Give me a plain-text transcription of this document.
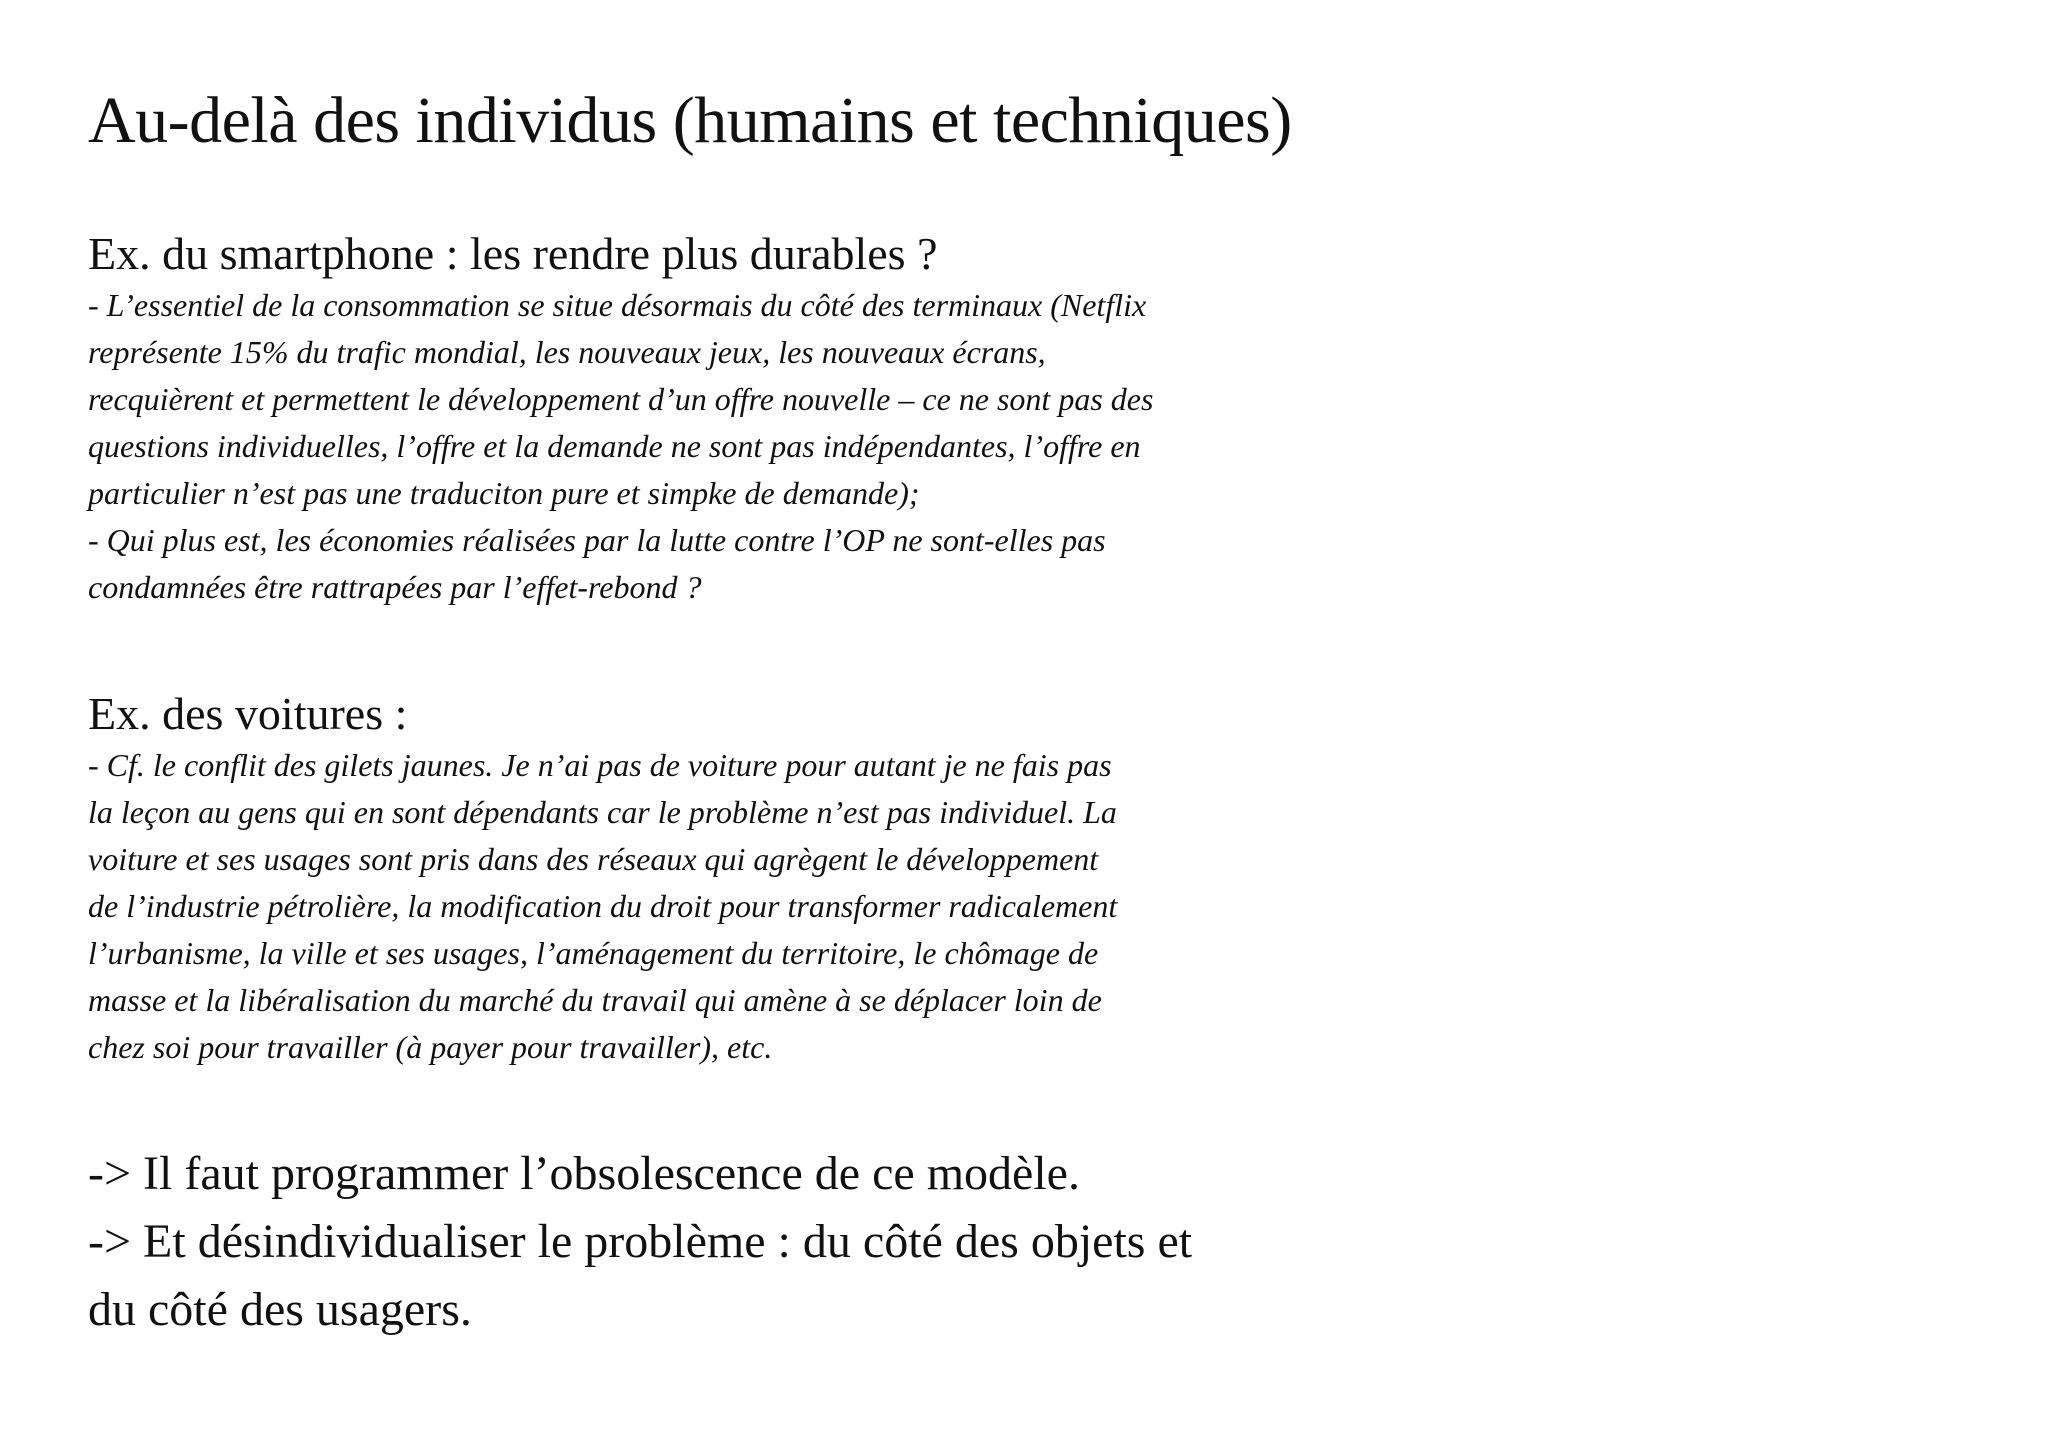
Au-delà des individus (humains et techniques)
Ex. du smartphone : les rendre plus durables ?

- L’essentiel de la consommation se situe désormais du côté des terminaux (Netflix
représente 15% du trafic mondial, les nouveaux jeux, les nouveaux écrans,
recquièrent et permettent le développement d’un offre nouvelle – ce ne sont pas des
questions individuelles, l’offre et la demande ne sont pas indépendantes, l’offre en
particulier n’est pas une traduciton pure et simpke de demande);
- Qui plus est, les économies réalisées par la lutte contre l’OP ne sont-elles pas
condamnées être rattrapées par l’effet-rebond ?

Ex. des voitures :

- Cf. le conflit des gilets jaunes. Je n’ai pas de voiture pour autant je ne fais pas
la leçon au gens qui en sont dépendants car le problème n’est pas individuel. La
voiture et ses usages sont pris dans des réseaux qui agrègent le développement
de l’industrie pétrolière, la modification du droit pour transformer radicalement
l’urbanisme, la ville et ses usages, l’aménagement du territoire, le chômage de
masse et la libéralisation du marché du travail qui amène à se déplacer loin de
chez soi pour travailler (à payer pour travailler), etc.

-> Il faut programmer l’obsolescence de ce modèle.
-> Et désindividualiser le problème : du côté des objets et
du côté des usagers.
